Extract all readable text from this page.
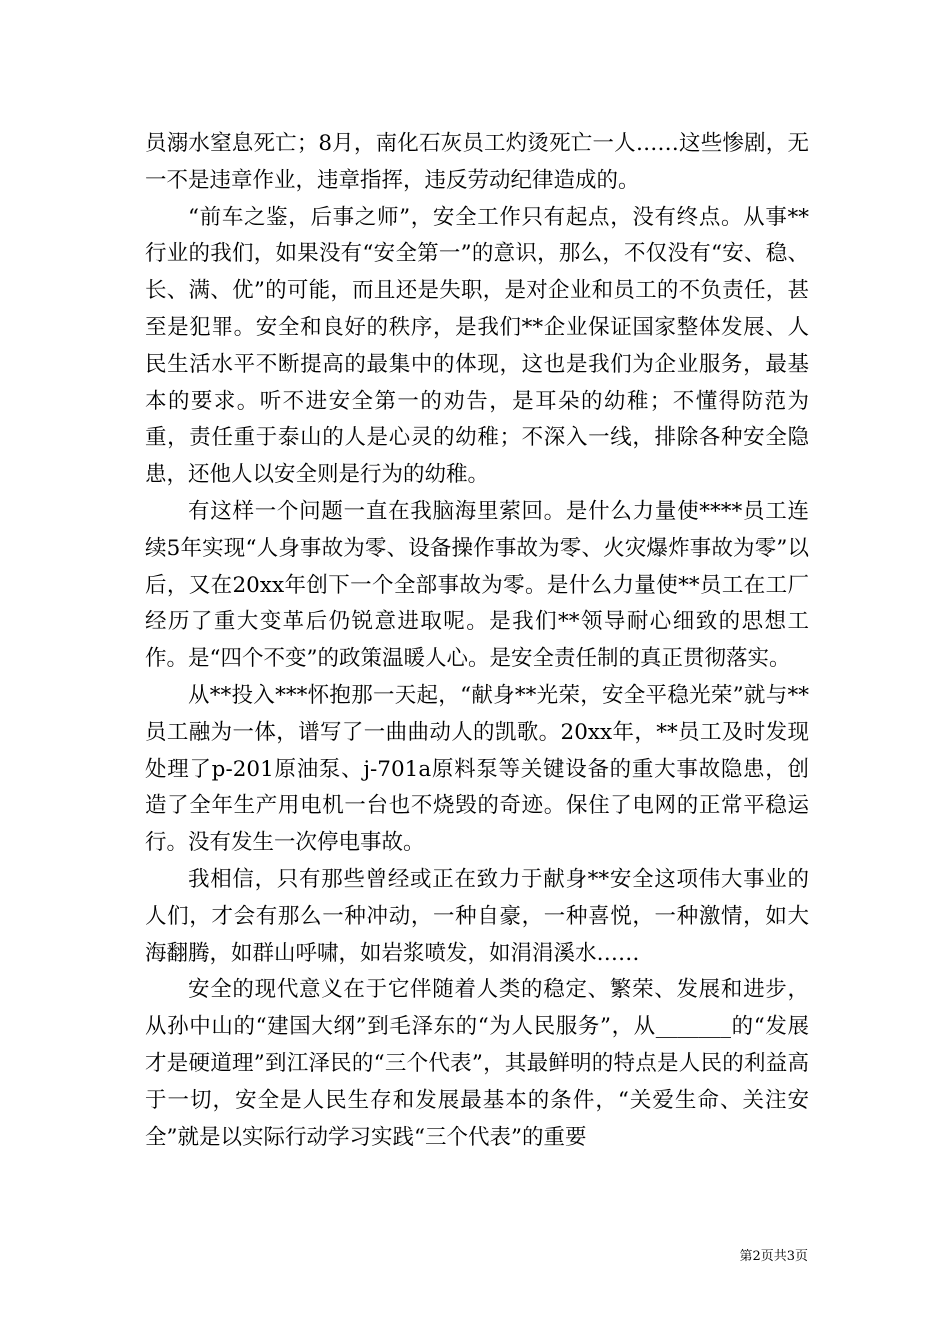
员溺水窒息死亡；8月，南化石灰员工灼烫死亡一人……这些惨剧，无一不是违章作业，违章指挥，违反劳动纪律造成的。

“前车之鉴，后事之师”，安全工作只有起点，没有终点。从事**行业的我们，如果没有“安全第一”的意识，那么，不仅没有“安、稳、长、满、优”的可能，而且还是失职，是对企业和员工的不负责任，甚至是犯罪。安全和良好的秩序，是我们**企业保证国家整体发展、人民生活水平不断提高的最集中的体现，这也是我们为企业服务，最基本的要求。听不进安全第一的劝告，是耳朵的幼稚；不懂得防范为重，责任重于泰山的人是心灵的幼稚；不深入一线，排除各种安全隐患，还他人以安全则是行为的幼稚。

有这样一个问题一直在我脑海里萦回。是什么力量使****员工连续5年实现“人身事故为零、设备操作事故为零、火灾爆炸事故为零”以后，又在20xx年创下一个全部事故为零。是什么力量使**员工在工厂经历了重大变革后仍锐意进取呢。是我们**领导耐心细致的思想工作。是“四个不变”的政策温暖人心。是安全责任制的真正贯彻落实。

从**投入***怀抱那一天起，“献身**光荣，安全平稳光荣”就与**员工融为一体，谱写了一曲曲动人的凯歌。20xx年，**员工及时发现处理了p-201原油泵、j-701a原料泵等关键设备的重大事故隐患，创造了全年生产用电机一台也不烧毁的奇迹。保住了电网的正常平稳运行。没有发生一次停电事故。

我相信，只有那些曾经或正在致力于献身**安全这项伟大事业的人们，才会有那么一种冲动，一种自豪，一种喜悦，一种激情，如大海翻腾，如群山呼啸，如岩浆喷发，如涓涓溪水……

安全的现代意义在于它伴随着人类的稳定、繁荣、发展和进步，从孙中山的“建国大纲”到毛泽东的“为人民服务”，从_______的“发展才是硬道理”到江泽民的“三个代表”，其最鲜明的特点是人民的利益高于一切，安全是人民生存和发展最基本的条件，“关爱生命、关注安全”就是以实际行动学习实践“三个代表”的重要

第2页共3页
